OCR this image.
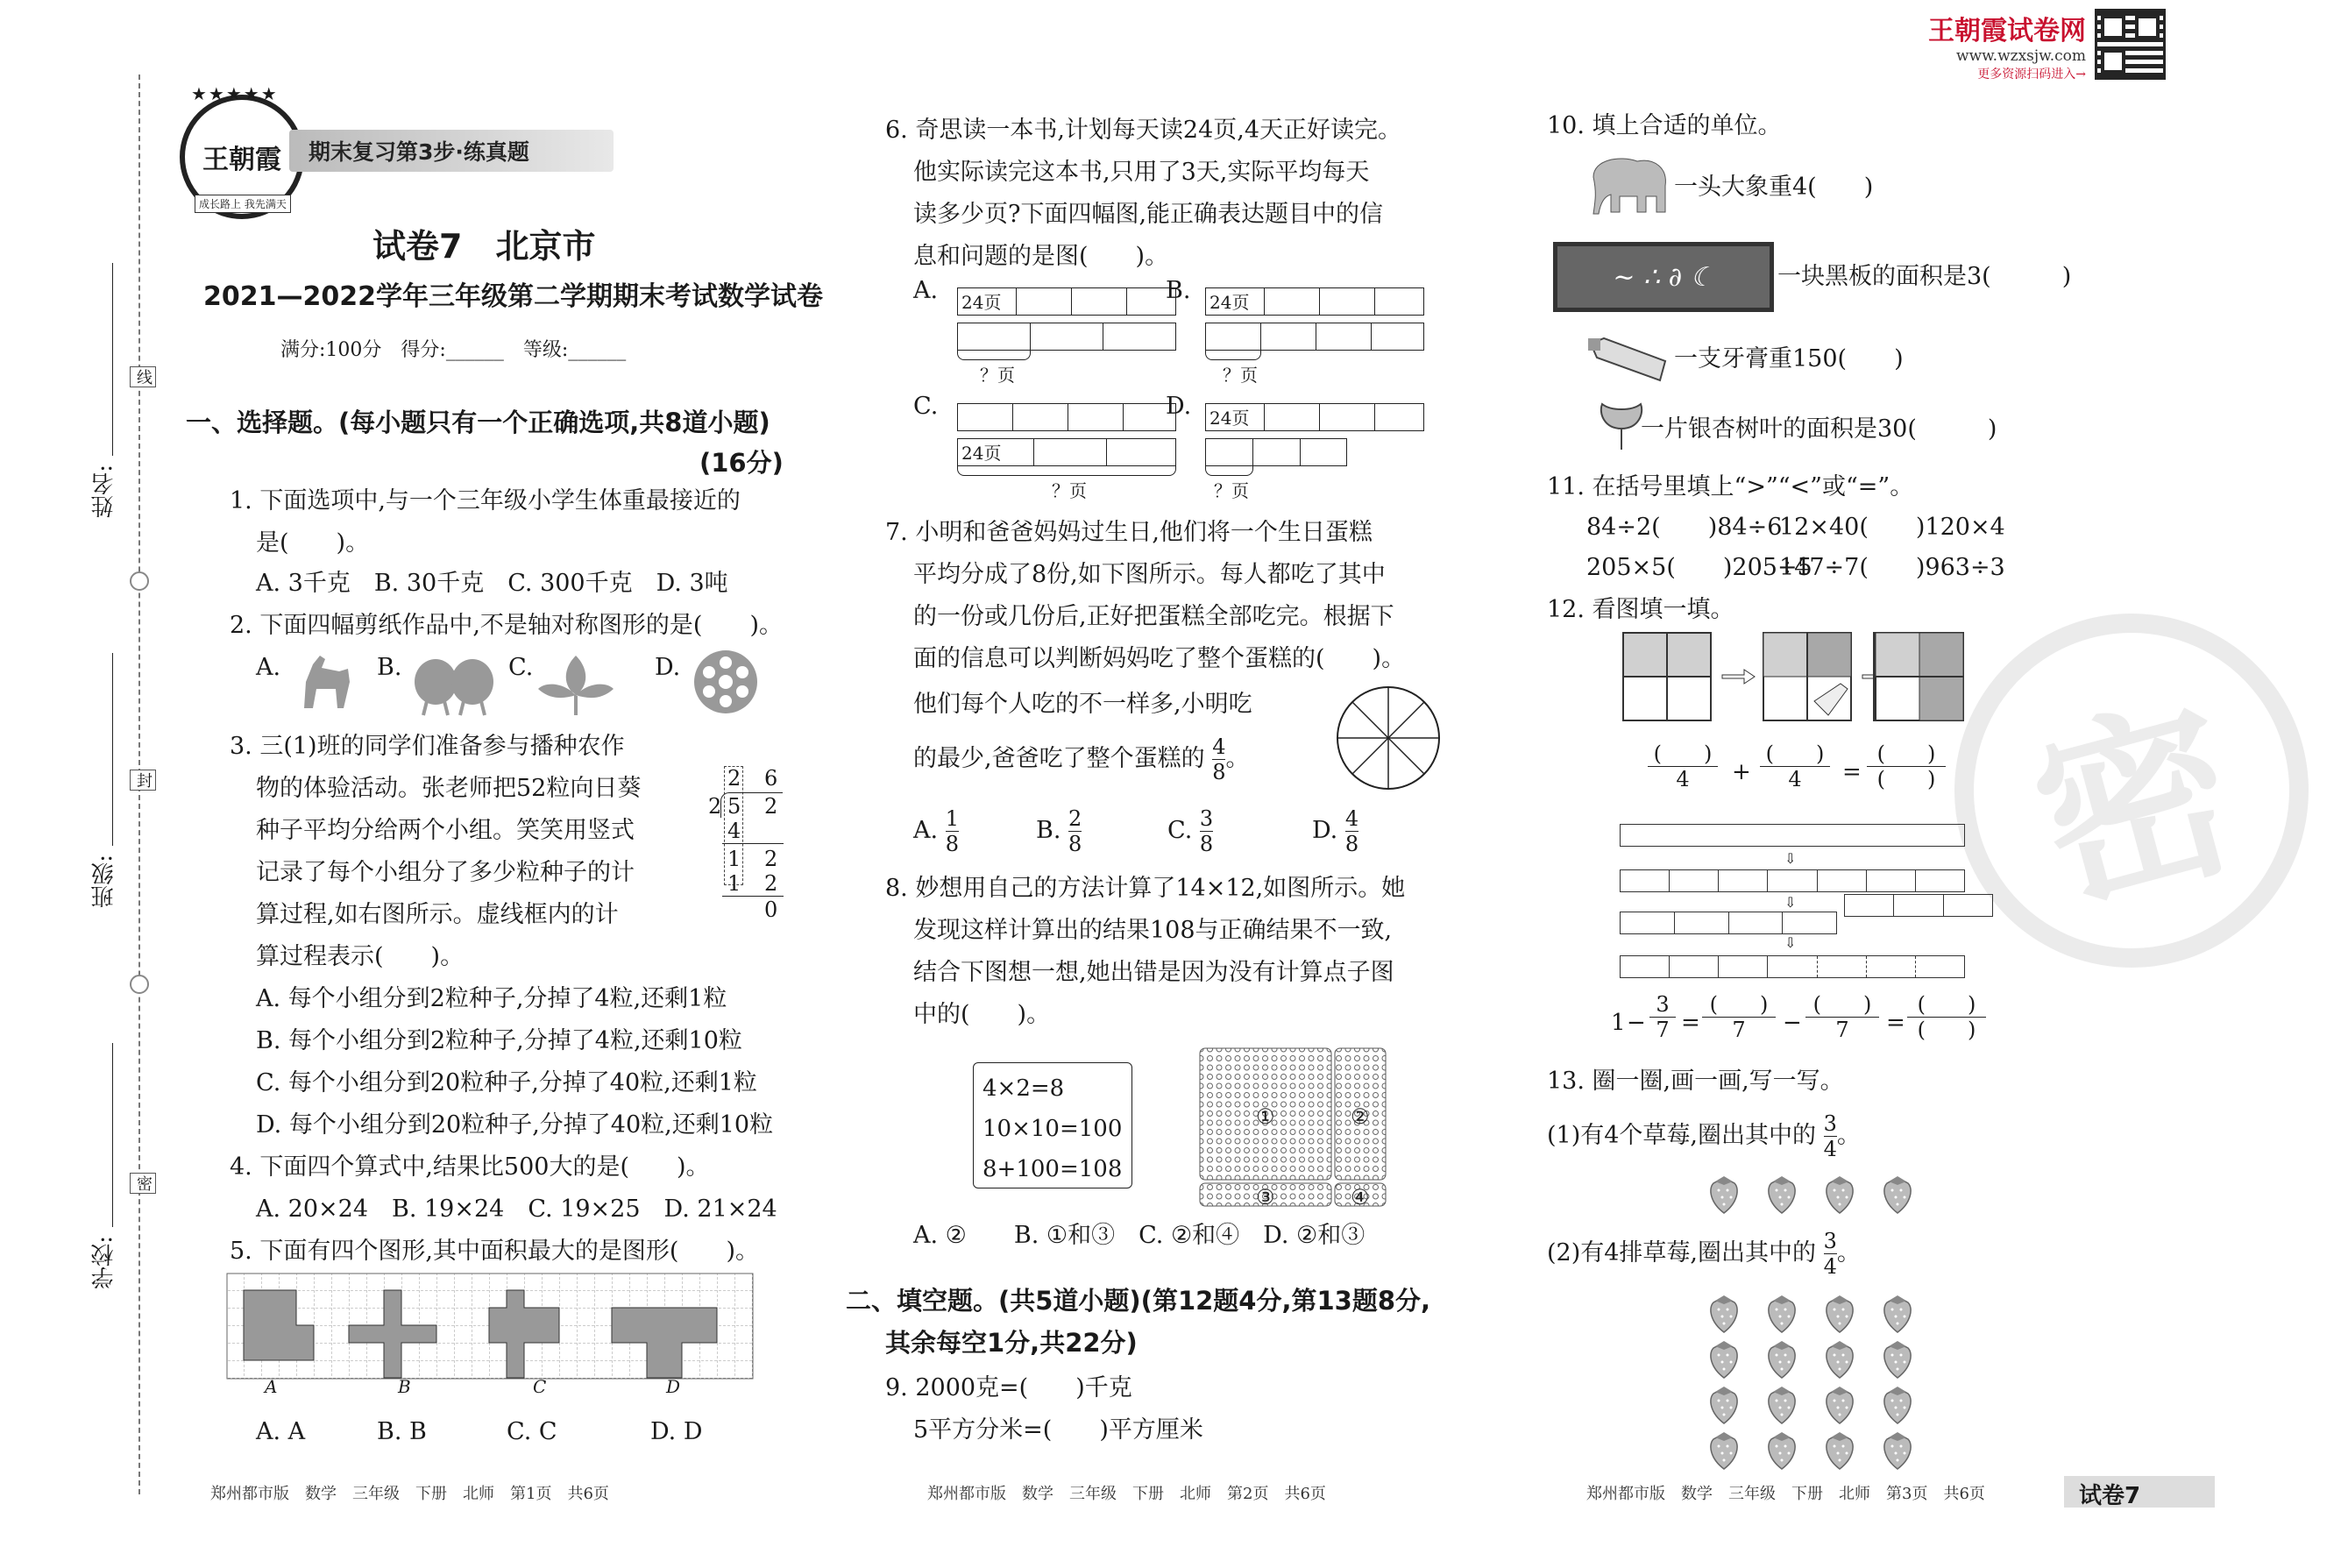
学校:
班级:
姓名:
线
封
密
王朝霞
★★★★★
期末复习第3步·练真题
成长路上 我先满天
王朝霞试卷网
www.wzxsjw.com
更多资源扫码进入→
密
试卷7　北京市
2021—2022学年三年级第二学期期末考试数学试卷
满分:100分　得分:______　等级:______
一、选择题。(每小题只有一个正确选项,共8道小题)
(16分)
1. 下面选项中,与一个三年级小学生体重最接近的
是(　　)。
A. 3千克　B. 30千克　C. 300千克　D. 3吨
2. 下面四幅剪纸作品中,不是轴对称图形的是(　　)。
A.	B.	C.	D.
3. 三(1)班的同学们准备参与播种农作
物的体验活动。张老师把52粒向日葵
种子平均分给两个小组。笑笑用竖式
记录了每个小组分了多少粒种子的计
算过程,如右图所示。虚线框内的计
算过程表示(　　)。
2 6
2 5 2
4
1 2
1 2
0
A. 每个小组分到2粒种子,分掉了4粒,还剩1粒
B. 每个小组分到2粒种子,分掉了4粒,还剩10粒
C. 每个小组分到20粒种子,分掉了40粒,还剩1粒
D. 每个小组分到20粒种子,分掉了40粒,还剩10粒
4. 下面四个算式中,结果比500大的是(　　)。
A. 20×24　B. 19×24　C. 19×25　D. 21×24
5. 下面有四个图形,其中面积最大的是图形(　　)。
A	B	C	D
A. A	B. B	C. C	D. D
郑州都市版　数学　三年级　下册　北师　第1页　共6页
6. 奇思读一本书,计划每天读24页,4天正好读完。
他实际读完这本书,只用了3天,实际平均每天
读多少页?下面四幅图,能正确表达题目中的信
息和问题的是图(　　)。
A. 24页
？页
B. 24页
？页
C.
24页
？页
D. 24页
？页
7. 小明和爸爸妈妈过生日,他们将一个生日蛋糕
平均分成了8份,如下图所示。每人都吃了其中
的一份或几份后,正好把蛋糕全部吃完。根据下
面的信息可以判断妈妈吃了整个蛋糕的(　　)。
他们每个人吃的不一样多,小明吃
的最少,爸爸吃了整个蛋糕的 $\frac{4}{8}$ 。
A. $\frac{1}{8}$	B. $\frac{2}{8}$	C. $\frac{3}{8}$	D. $\frac{4}{8}$
8. 妙想用自己的方法计算了14×12,如图所示。她
发现这样计算出的结果108与正确结果不一致,
结合下图想一想,她出错是因为没有计算点子图
中的(　　)。
4×2=8
10×10=100
8+100=108
①	②
③	④
A. ②　　B. ①和③　C. ②和④　D. ②和③
二、填空题。(共5道小题)(第12题4分,第13题8分,
其余每空1分,共22分)
9. 2000克=(　　)千克
5平方分米=(　　)平方厘米
郑州都市版　数学　三年级　下册　北师　第2页　共6页
10. 填上合适的单位。
一头大象重4(　　)
~ ∴ ∂ ☾	一块黑板的面积是3(　　　)
一支牙膏重150(　　)
一片银杏树叶的面积是30(　　　)
11. 在括号里填上“>”“<”或“=”。
84÷2(　　)84÷6
12×40(　　)120×4
205×5(　　)205÷5
147÷7(　　)963÷3
12. 看图填一填。
(　　)
4	+
(　　)
4	=
(　　)
(　　)
⇩
⇩
⇩
1 −
3
7 =
(　　)
7	−
(　　)
7	=
(　　)
(　　)
13. 圈一圈,画一画,写一写。
(1)有4个草莓,圈出其中的 $\frac{3}{4}$ 。
(2)有4排草莓,圈出其中的 $\frac{3}{4}$ 。
郑州都市版　数学　三年级　下册　北师　第3页　共6页	试卷7
